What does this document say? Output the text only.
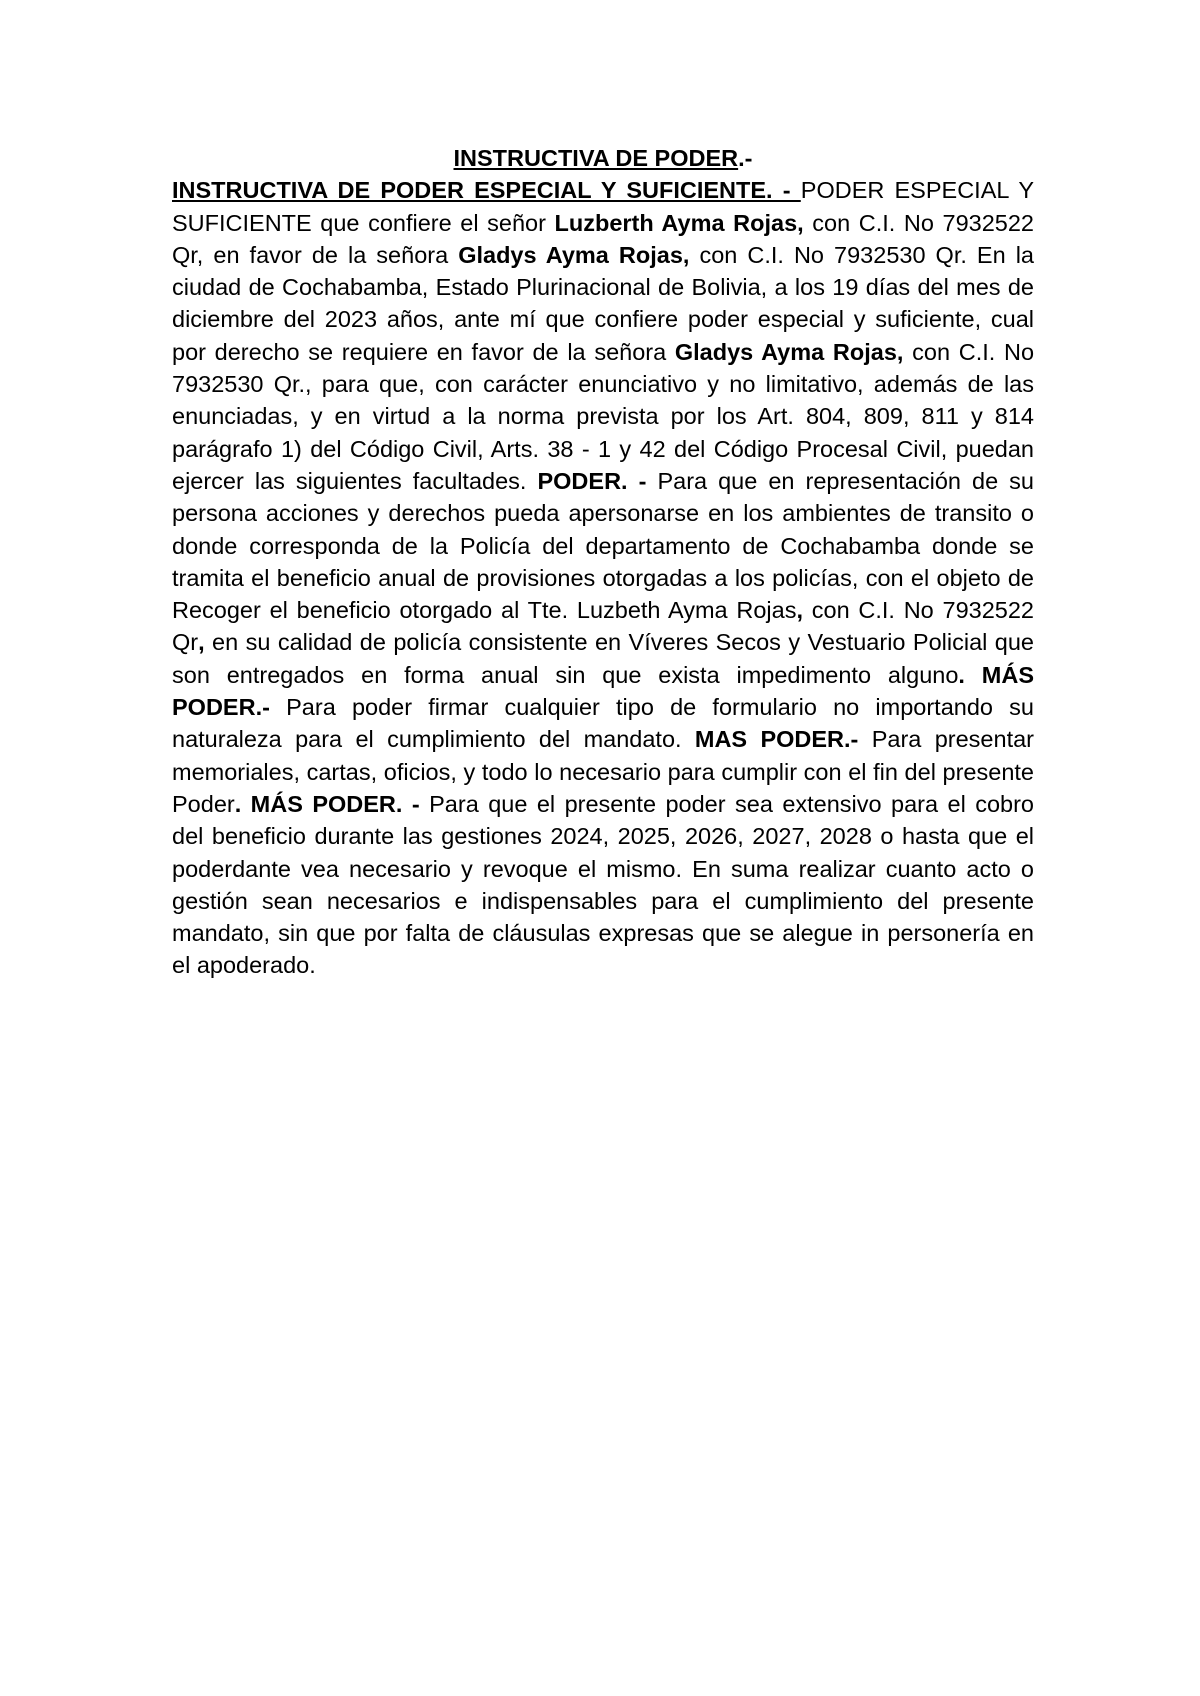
INSTRUCTIVA DE PODER.-

INSTRUCTIVA DE PODER ESPECIAL Y SUFICIENTE. - PODER ESPECIAL Y SUFICIENTE que confiere el señor Luzberth Ayma Rojas, con C.I. No 7932522 Qr, en favor de la señora Gladys Ayma Rojas, con C.I. No 7932530 Qr. En la ciudad de Cochabamba, Estado Plurinacional de Bolivia, a los 19 días del mes de diciembre del 2023 años, ante mí que confiere poder especial y suficiente, cual por derecho se requiere en favor de la señora Gladys Ayma Rojas, con C.I. No 7932530 Qr., para que, con carácter enunciativo y no limitativo, además de las enunciadas, y en virtud a la norma prevista por los Art. 804, 809, 811 y 814 parágrafo 1) del Código Civil, Arts. 38 - 1 y 42 del Código Procesal Civil, puedan ejercer las siguientes facultades. PODER. - Para que en representación de su persona acciones y derechos pueda apersonarse en los ambientes de transito o donde corresponda de la Policía del departamento de Cochabamba donde se tramita el beneficio anual de provisiones otorgadas a los policías, con el objeto de Recoger el beneficio otorgado al Tte. Luzbeth Ayma Rojas, con C.I. No 7932522 Qr, en su calidad de policía consistente en Víveres Secos y Vestuario Policial que son entregados en forma anual sin que exista impedimento alguno. MÁS PODER.- Para poder firmar cualquier tipo de formulario no importando su naturaleza para el cumplimiento del mandato. MAS PODER.- Para presentar memoriales, cartas, oficios, y todo lo necesario para cumplir con el fin del presente Poder. MÁS PODER. - Para que el presente poder sea extensivo para el cobro del beneficio durante las gestiones 2024, 2025, 2026, 2027, 2028 o hasta que el poderdante vea necesario y revoque el mismo. En suma realizar cuanto acto o gestión sean necesarios e indispensables para el cumplimiento del presente mandato, sin que por falta de cláusulas expresas que se alegue in personería en el apoderado.
